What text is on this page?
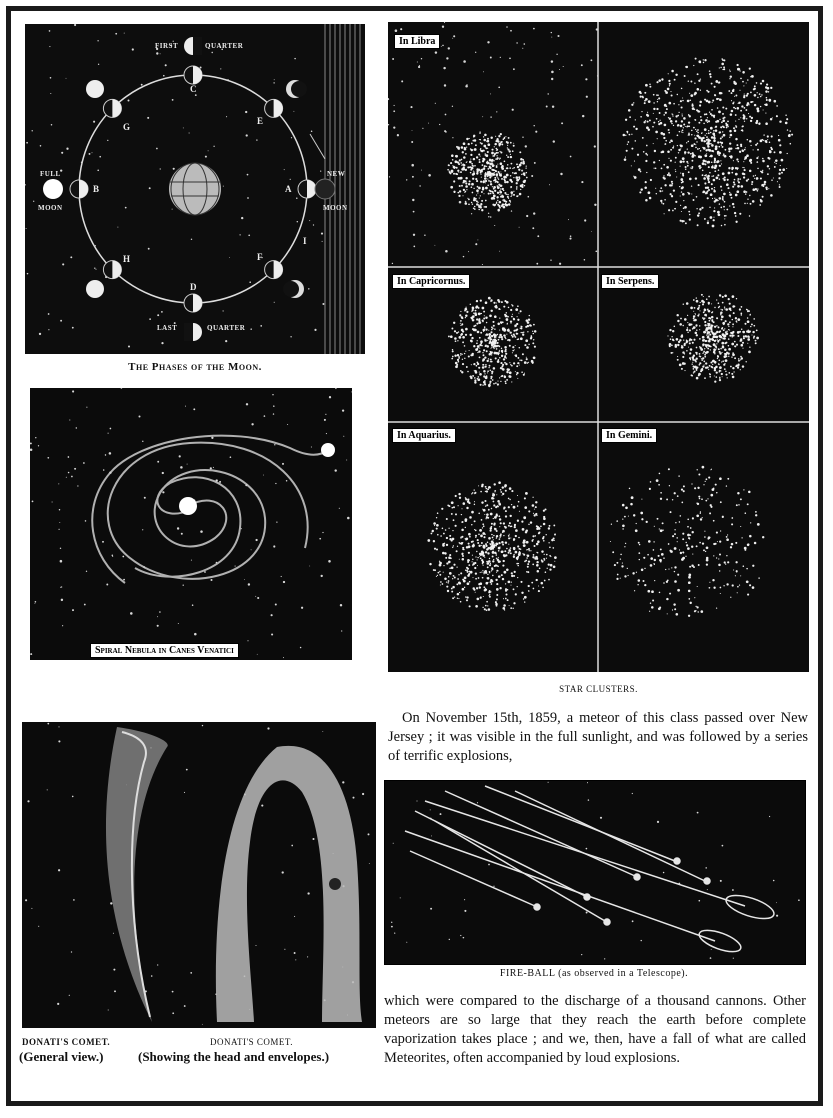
FIRST	QUARTER
LAST	QUARTER
FULL
MOON
NEW
MOON
A
B
C
D
E
F
G
H
I
The Phases of the Moon.
Spiral Nebula in Canes Venatici
In Libra
In Capricornus.	In Serpens.
In Aquarius.	In Gemini.
STAR CLUSTERS.
On November 15th, 1859, a meteor of this class passed over New Jersey ; it was visible in the full sunlight, and was followed by a series of terrific explosions,
DONATI'S COMET.
(General view.)
DONATI'S COMET.
(Showing the head and envelopes.)
FIRE-BALL (as observed in a Telescope).
which were compared to the discharge of a thousand cannons. Other meteors are so large that they reach the earth before complete vaporization takes place ; and we, then, have a fall of what are called Meteorites, often accompanied by loud explosions.
